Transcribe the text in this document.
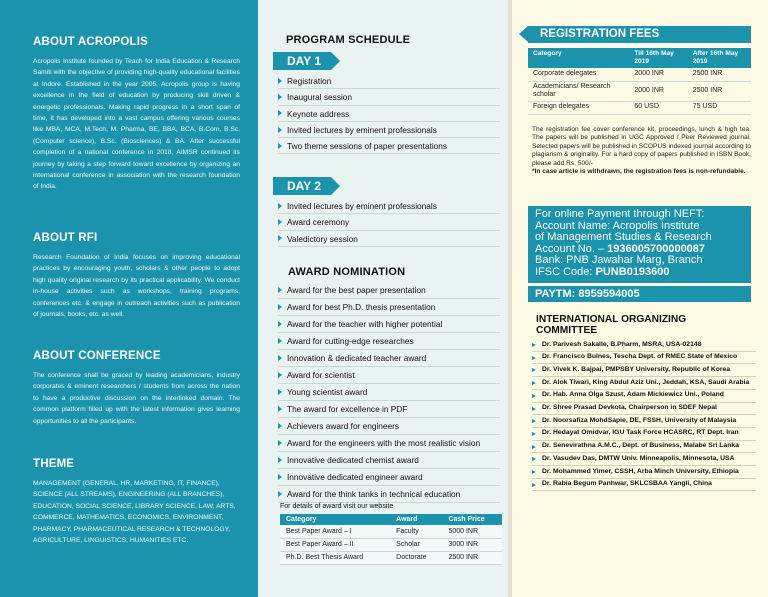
ABOUT ACROPOLIS

Acropolis Institute founded by Teach for India Education & Research Samiti with the objective of providing high-quality educational facilities at Indore. Established in the year 2005, Acropolis group is having excellence in the field of education by producing skill driven & energetic professionals. Making rapid progress in a short span of time, it has developed into a vast campus offering various courses like MBA, MCA, M.Tech, M. Pharma, BE, BBA, BCA, B.Com, B.Sc.(Computer science), B.Sc. (Biosciences) & BA. After successful completion of a national conference in 2018, AIMSR continued its journey by taking a step forward toward excellence by organizing an international conference in association with the research foundation of India.

ABOUT RFI

Research Foundation of India focuses on improving educational practices by encouraging youth, scholars & other people to adopt high quality original research by its practical applicability. We conduct in-house activities such as workshops, training programs, conferences etc. & engage in outreach activities such as publication of journals, books, etc. as well.

ABOUT CONFERENCE

The conference shall be graced by leading academicians, industry corporates & eminent researchers / students from across the nation to have a productive discussion on the interlinked domain. The common platform filled up with the latest information gives learning opportunities to all the participants.

THEME

MANAGEMENT (GENERAL, HR, MARKETING, IT, FINANCE), SCIENCE (ALL STREAMS), ENGINEERING (ALL BRANCHES), EDUCATION, SOCIAL SCIENCE, LIBRARY SCIENCE, LAW, ARTS, COMMERCE, MATHEMATICS, ECONOMICS, ENVIRONMENT, PHARMACY, PHARMACEUTICAL RESEARCH & TECHNOLOGY, AGRICULTURE, LINGUISTICS, HUMANITIES ETC.

PROGRAM SCHEDULE
DAY 1
Registration
Inaugural session
Keynote address
Invited lectures by eminent professionals
Two theme sessions of paper presentations
DAY 2
Invited lectures by eminent professionals
Award ceremony
Valedictory session
AWARD NOMINATION
Award for the best paper presentation
Award for best Ph.D. thesis presentation
Award for the teacher with higher potential
Award for cutting-edge researches
Innovation & dedicated teacher award
Award for scientist
Young scientist award
The award for excellence in PDF
Achievers award for engineers
Award for the engineers with the most realistic vision
Innovative dedicated chemist award
Innovative dedicated engineer award
Award for the think tanks in technical education
For details of award visit our website
Category	Award	Cash Price
Best Paper Award – I	Faculty	5000 INR
Best Paper Award – II	Scholar	3000 INR
Ph.D. Best Thesis Award	Doctorate	2500 INR
REGISTRATION FEES
Category	Till 16th May 2019	After 16th May 2019
Corporate delegates	2000 INR	2500 INR
Academicians/ Research scholar	2000 INR	2500 INR
Foreign delegates	60 USD	75 USD
The registration fee cover conference kit, proceedings, lunch & high tea. The papers will be published in UGC Approved / Peer Reviewed journal. Selected papers will be published in SCOPUS indexed journal according to plagiarism & originality. For a hard copy of papers published in ISBN Book, please add Rs. 500/-
*In case article is withdrawn, the registration fees is non-refundable.
For online Payment through NEFT:
Account Name: Acropolis Institute
of Management Studies & Research
Account No. – 1936005700000087
Bank: PNB Jawahar Marg, Branch
IFSC Code: PUNB0193600
PAYTM: 8959594005
INTERNATIONAL ORGANIZING COMMITTEE
Dr. Parivesh Sakalle, B.Pharm, MSRA, USA-02148
Dr. Francisco Bulnes, Tescha Dept. of RMEC State of Mexico
Dr. Vivek K. Bajpai, PMPSBY University, Republic of Korea
Dr. Alok Tiwari, King Abdul Aziz Uni., Jeddah, KSA, Saudi Arabia
Dr. Hab. Anna Olga Szust, Adam Mickiewicz Uni., Poland
Dr. Shree Prasad Devkota, Chairperson in SDEF Nepal
Dr. Noorsafiza MohdSapie, DE, FSSH, University of Malaysia
Dr. Hedayat Omidvar, IGU Task Force HCASRC, RT Dept. Iran
Dr. Senevirathna A.M.C., Dept. of Business, Malabe Sri Lanka
Dr. Vasudev Das, DMTW Univ. Minneapolis, Minnesota, USA
Dr. Mohammed Yimer, CSSH, Arba Minch University, Ethiopia
Dr. Rabia Begum Panhwar, SKLCSBAA Yangli, China
